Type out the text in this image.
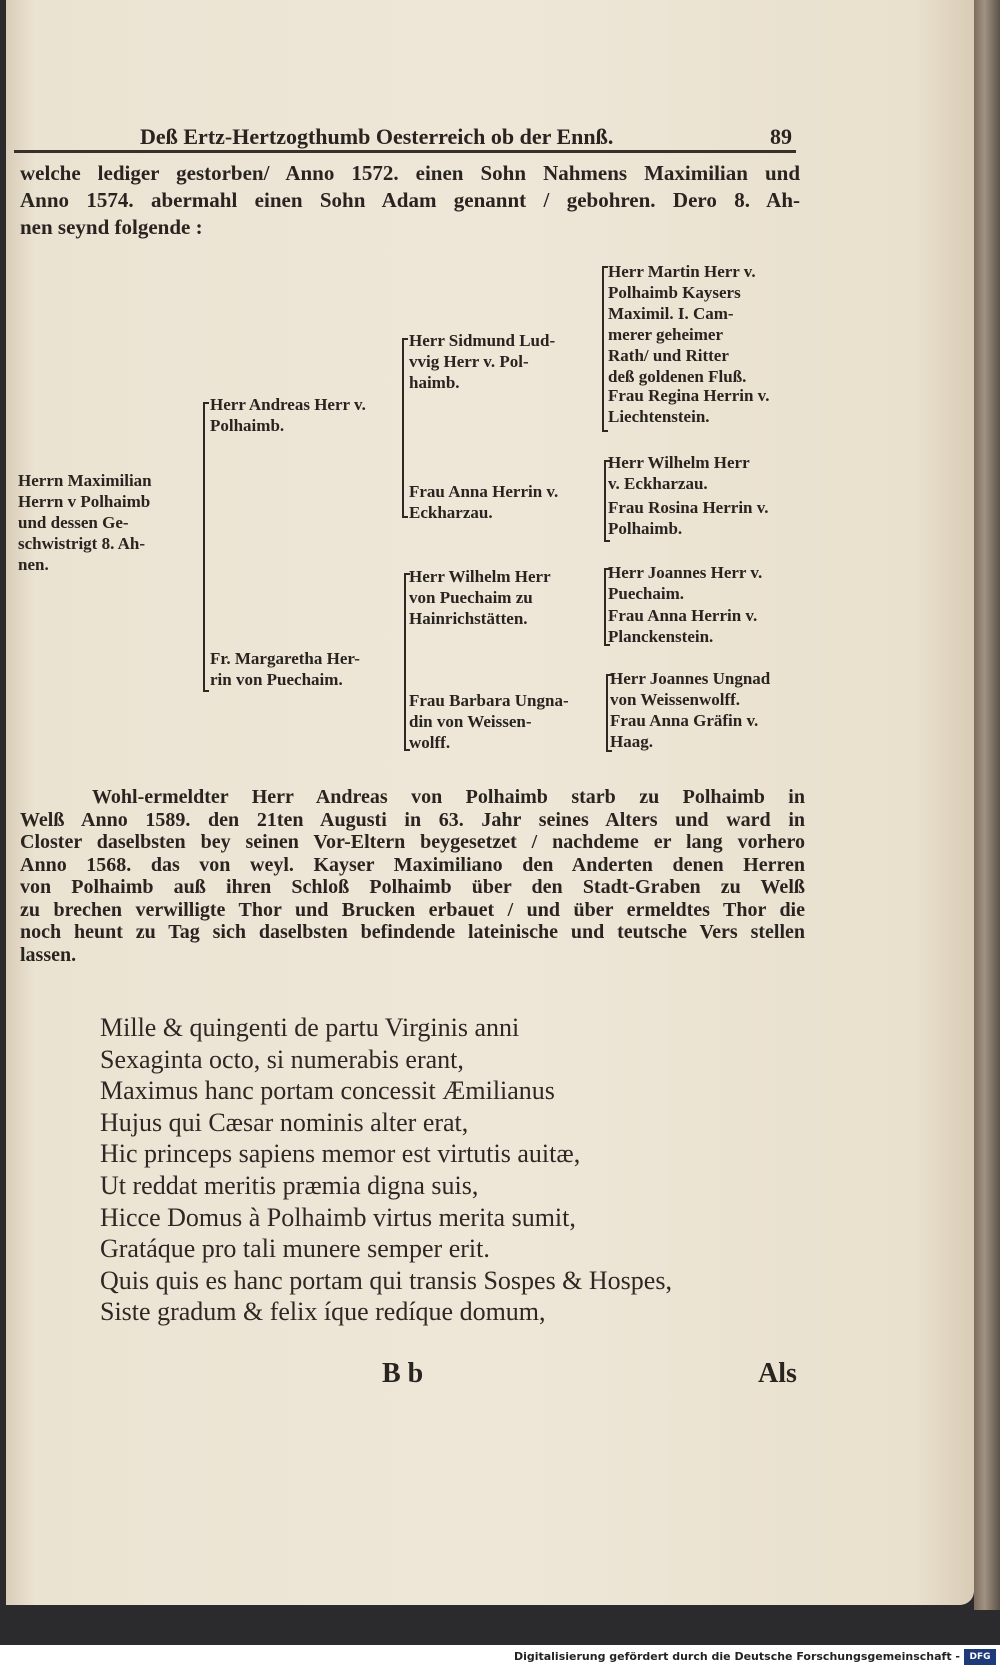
Deß Ertz-Hertzogthumb Oesterreich ob der Ennß.	89
welche lediger gestorben/ Anno 1572. einen Sohn Nahmens Maximilian und
Anno 1574. abermahl einen Sohn Adam genannt / gebohren. Dero 8. Ah-
nen seynd folgende :
Herrn Maximilian
Herrn v Polhaimb
und dessen Ge-
schwistrigt 8. Ah-
nen.
Herr Andreas Herr v.
Polhaimb.
Fr. Margaretha Her-
rin von Puechaim.
Herr Sidmund Lud-
vvig Herr v. Pol-
haimb.
Frau Anna Herrin v.
Eckharzau.
Herr Wilhelm Herr
von Puechaim zu
Hainrichstätten.
Frau Barbara Ungna-
din von Weissen-
wolff.
Herr Martin Herr v.
Polhaimb Kaysers
Maximil. I. Cam-
merer geheimer
Rath/ und Ritter
deß goldenen Fluß.
Frau Regina Herrin v.
Liechtenstein.
Herr Wilhelm Herr
v. Eckharzau.
Frau Rosina Herrin v.
Polhaimb.
Herr Joannes Herr v.
Puechaim.
Frau Anna Herrin v.
Planckenstein.
Herr Joannes Ungnad
von Weissenwolff.
Frau Anna Gräfin v.
Haag.
Wohl-ermeldter Herr Andreas von Polhaimb starb zu Polhaimb in
Welß Anno 1589. den 21ten Augusti in 63. Jahr seines Alters und ward in
Closter daselbsten bey seinen Vor-Eltern beygesetzet / nachdeme er lang vorhero
Anno 1568. das von weyl. Kayser Maximiliano den Anderten denen Herren
von Polhaimb auß ihren Schloß Polhaimb über den Stadt-Graben zu Welß
zu brechen verwilligte Thor und Brucken erbauet / und über ermeldtes Thor die
noch heunt zu Tag sich daselbsten befindende lateinische und teutsche Vers stellen
lassen.
Mille & quingenti de partu Virginis anni
Sexaginta octo, si numerabis erant,
Maximus hanc portam concessit Æmilianus
Hujus qui Cæsar nominis alter erat,
Hic princeps sapiens memor est virtutis auitæ,
Ut reddat meritis præmia digna suis,
Hicce Domus à Polhaimb virtus merita sumit,
Gratáque pro tali munere semper erit.
Quis quis es hanc portam qui transis Sospes & Hospes,
Siste gradum & felix íque redíque domum,
B b	Als
Digitalisierung gefördert durch die Deutsche Forschungsgemeinschaft -	DFG
